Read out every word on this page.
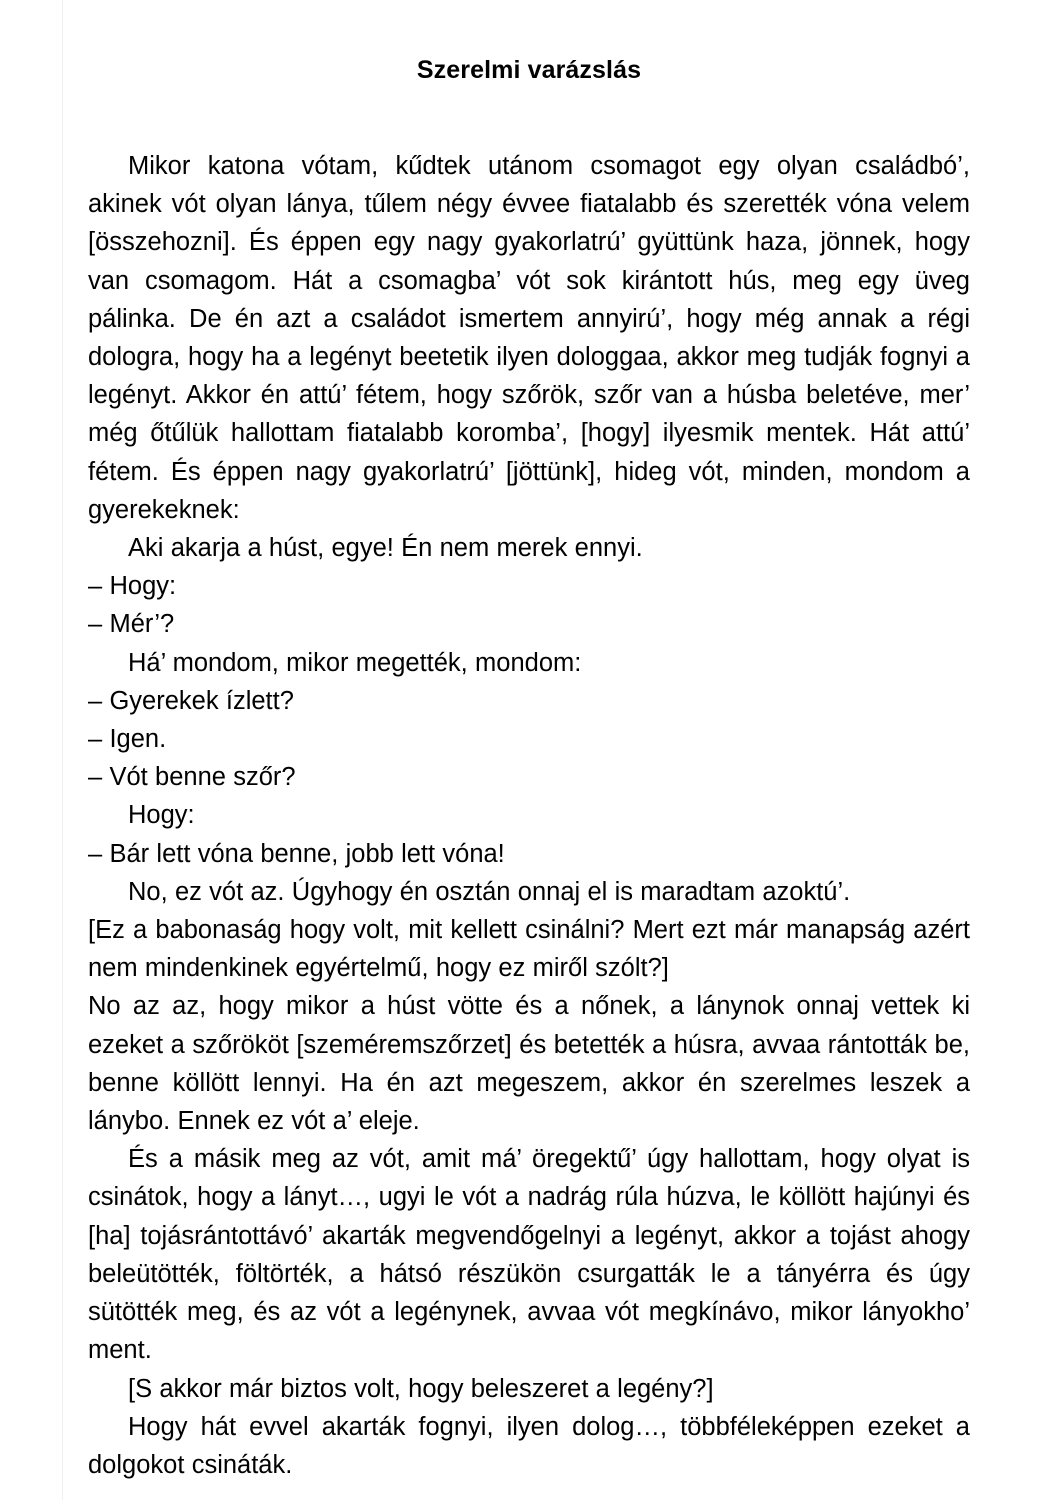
Szerelmi varázslás

Mikor katona vótam, kűdtek utánom csomagot egy olyan családbó’, akinek vót olyan lánya, tűlem négy évvee fiatalabb és szerették vóna velem [összehozni]. És éppen egy nagy gyakorlatrú’ gyüttünk haza, jönnek, hogy van csomagom. Hát a csomagba’ vót sok kirántott hús, meg egy üveg pálinka. De én azt a családot ismertem annyirú’, hogy még annak a régi dologra, hogy ha a legényt beetetik ilyen dologgaa, akkor meg tudják fognyi a legényt. Akkor én attú’ fétem, hogy szőrök, szőr van a húsba beletéve, mer’ még őtűlük hallottam fiatalabb koromba’, [hogy] ilyesmik mentek. Hát attú’ fétem. És éppen nagy gyakorlatrú’ [jöttünk], hideg vót, minden, mondom a gyerekeknek:

Aki akarja a húst, egye! Én nem merek ennyi.

– Hogy:

– Mér’?

Há’ mondom, mikor megették, mondom:

– Gyerekek ízlett?

– Igen.

– Vót benne szőr?

Hogy:

– Bár lett vóna benne, jobb lett vóna!

No, ez vót az. Úgyhogy én osztán onnaj el is maradtam azoktú’.

[Ez a babonaság hogy volt, mit kellett csinálni? Mert ezt már manapság azért nem mindenkinek egyértelmű, hogy ez miről szólt?]

No az az, hogy mikor a húst vötte és a nőnek, a lánynok onnaj vettek ki ezeket a szőrököt [szeméremszőrzet] és betették a húsra, avvaa rántották be, benne köllött lennyi. Ha én azt megeszem, akkor én szerelmes leszek a lánybo. Ennek ez vót a’ eleje.

És a másik meg az vót, amit má’ öregektű’ úgy hallottam, hogy olyat is csinátok, hogy a lányt…, ugyi le vót a nadrág rúla húzva, le köllött hajúnyi és [ha] tojásrántottávó’ akarták megvendőgelnyi a legényt, akkor a tojást ahogy beleütötték, föltörték, a hátsó részükön csurgatták le a tányérra és úgy sütötték meg, és az vót a legénynek, avvaa vót megkínávo, mikor lányokho’ ment.

[S akkor már biztos volt, hogy beleszeret a legény?]

Hogy hát evvel akarták fognyi, ilyen dolog…, többféleképpen ezeket a dolgokot csináták.
